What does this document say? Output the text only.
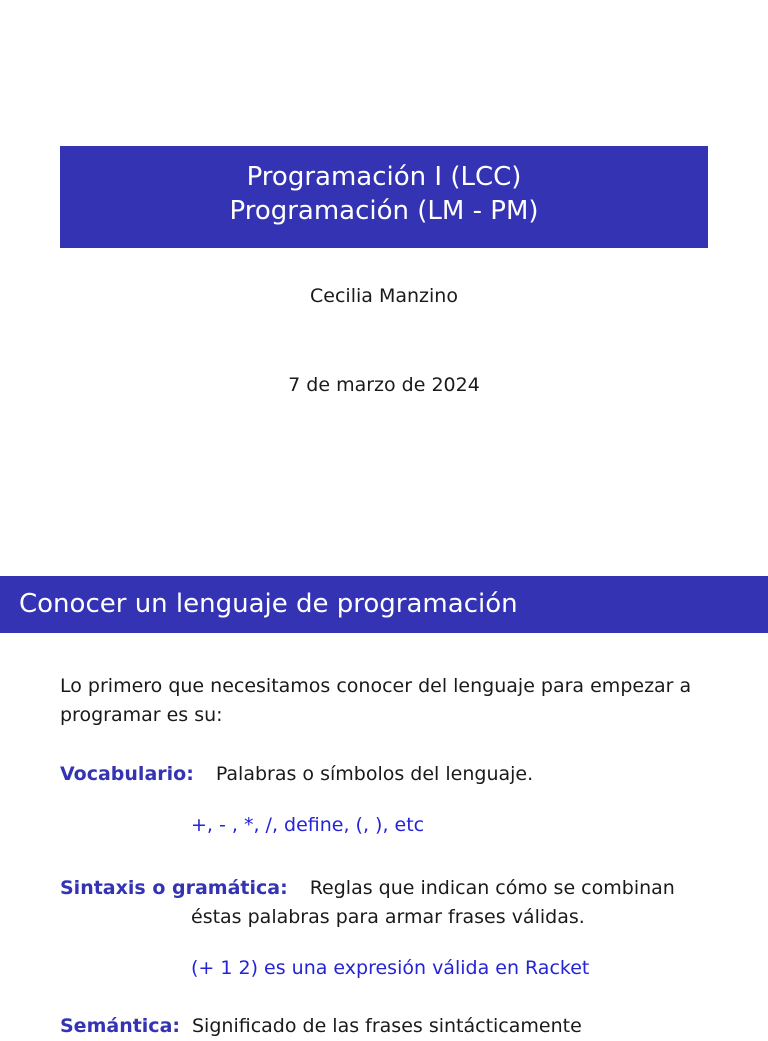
Programación I (LCC)
Programación (LM - PM)
Cecilia Manzino
7 de marzo de 2024
Conocer un lenguaje de programación
Lo primero que necesitamos conocer del lenguaje para empezar a programar es su:
Vocabulario: Palabras o símbolos del lenguaje.
+, - , *, /, define, (, ), etc
Sintaxis o gramática: Reglas que indican cómo se combinan
éstas palabras para armar frases válidas.
(+ 1 2) es una expresión válida en Racket
Semántica: Significado de las frases sintácticamente
